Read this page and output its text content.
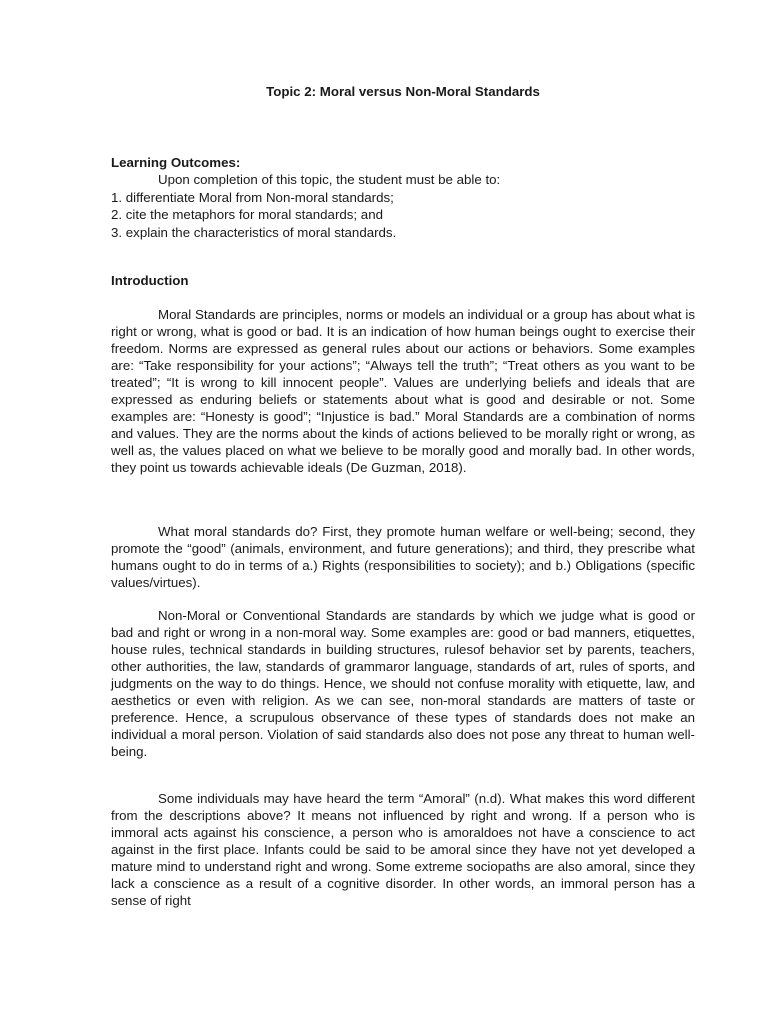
Topic 2: Moral versus Non-Moral Standards
Learning Outcomes:
Upon completion of this topic, the student must be able to:
1. differentiate Moral from Non-moral standards;
2. cite the metaphors for moral standards; and
3. explain the characteristics of moral standards.
Introduction

Moral Standards are principles, norms or models an individual or a group has about what is right or wrong, what is good or bad. It is an indication of how human beings ought to exercise their freedom. Norms are expressed as general rules about our actions or behaviors. Some examples are: “Take responsibility for your actions”; “Always tell the truth”; “Treat others as you want to be treated”; “It is wrong to kill innocent people”. Values are underlying beliefs and ideals that are expressed as enduring beliefs or statements about what is good and desirable or not. Some examples are: “Honesty is good”; “Injustice is bad.” Moral Standards are a combination of norms and values. They are the norms about the kinds of actions believed to be morally right or wrong, as well as, the values placed on what we believe to be morally good and morally bad. In other words, they point us towards achievable ideals (De Guzman, 2018).

What moral standards do? First, they promote human welfare or well-being; second, they promote the “good” (animals, environment, and future generations); and third, they prescribe what humans ought to do in terms of a.) Rights (responsibilities to society); and b.) Obligations (specific values/virtues).

Non-Moral or Conventional Standards are standards by which we judge what is good or bad and right or wrong in a non-moral way. Some examples are: good or bad manners, etiquettes, house rules, technical standards in building structures, rulesof behavior set by parents, teachers, other authorities, the law, standards of grammaror language, standards of art, rules of sports, and judgments on the way to do things. Hence, we should not confuse morality with etiquette, law, and aesthetics or even with religion. As we can see, non-moral standards are matters of taste or preference. Hence, a scrupulous observance of these types of standards does not make an individual a moral person. Violation of said standards also does not pose any threat to human well-being.

Some individuals may have heard the term “Amoral” (n.d). What makes this word different from the descriptions above? It means not influenced by right and wrong. If a person who is immoral acts against his conscience, a person who is amoraldoes not have a conscience to act against in the first place. Infants could be said to be amoral since they have not yet developed a mature mind to understand right and wrong. Some extreme sociopaths are also amoral, since they lack a conscience as a result of a cognitive disorder. In other words, an immoral person has a sense of right
